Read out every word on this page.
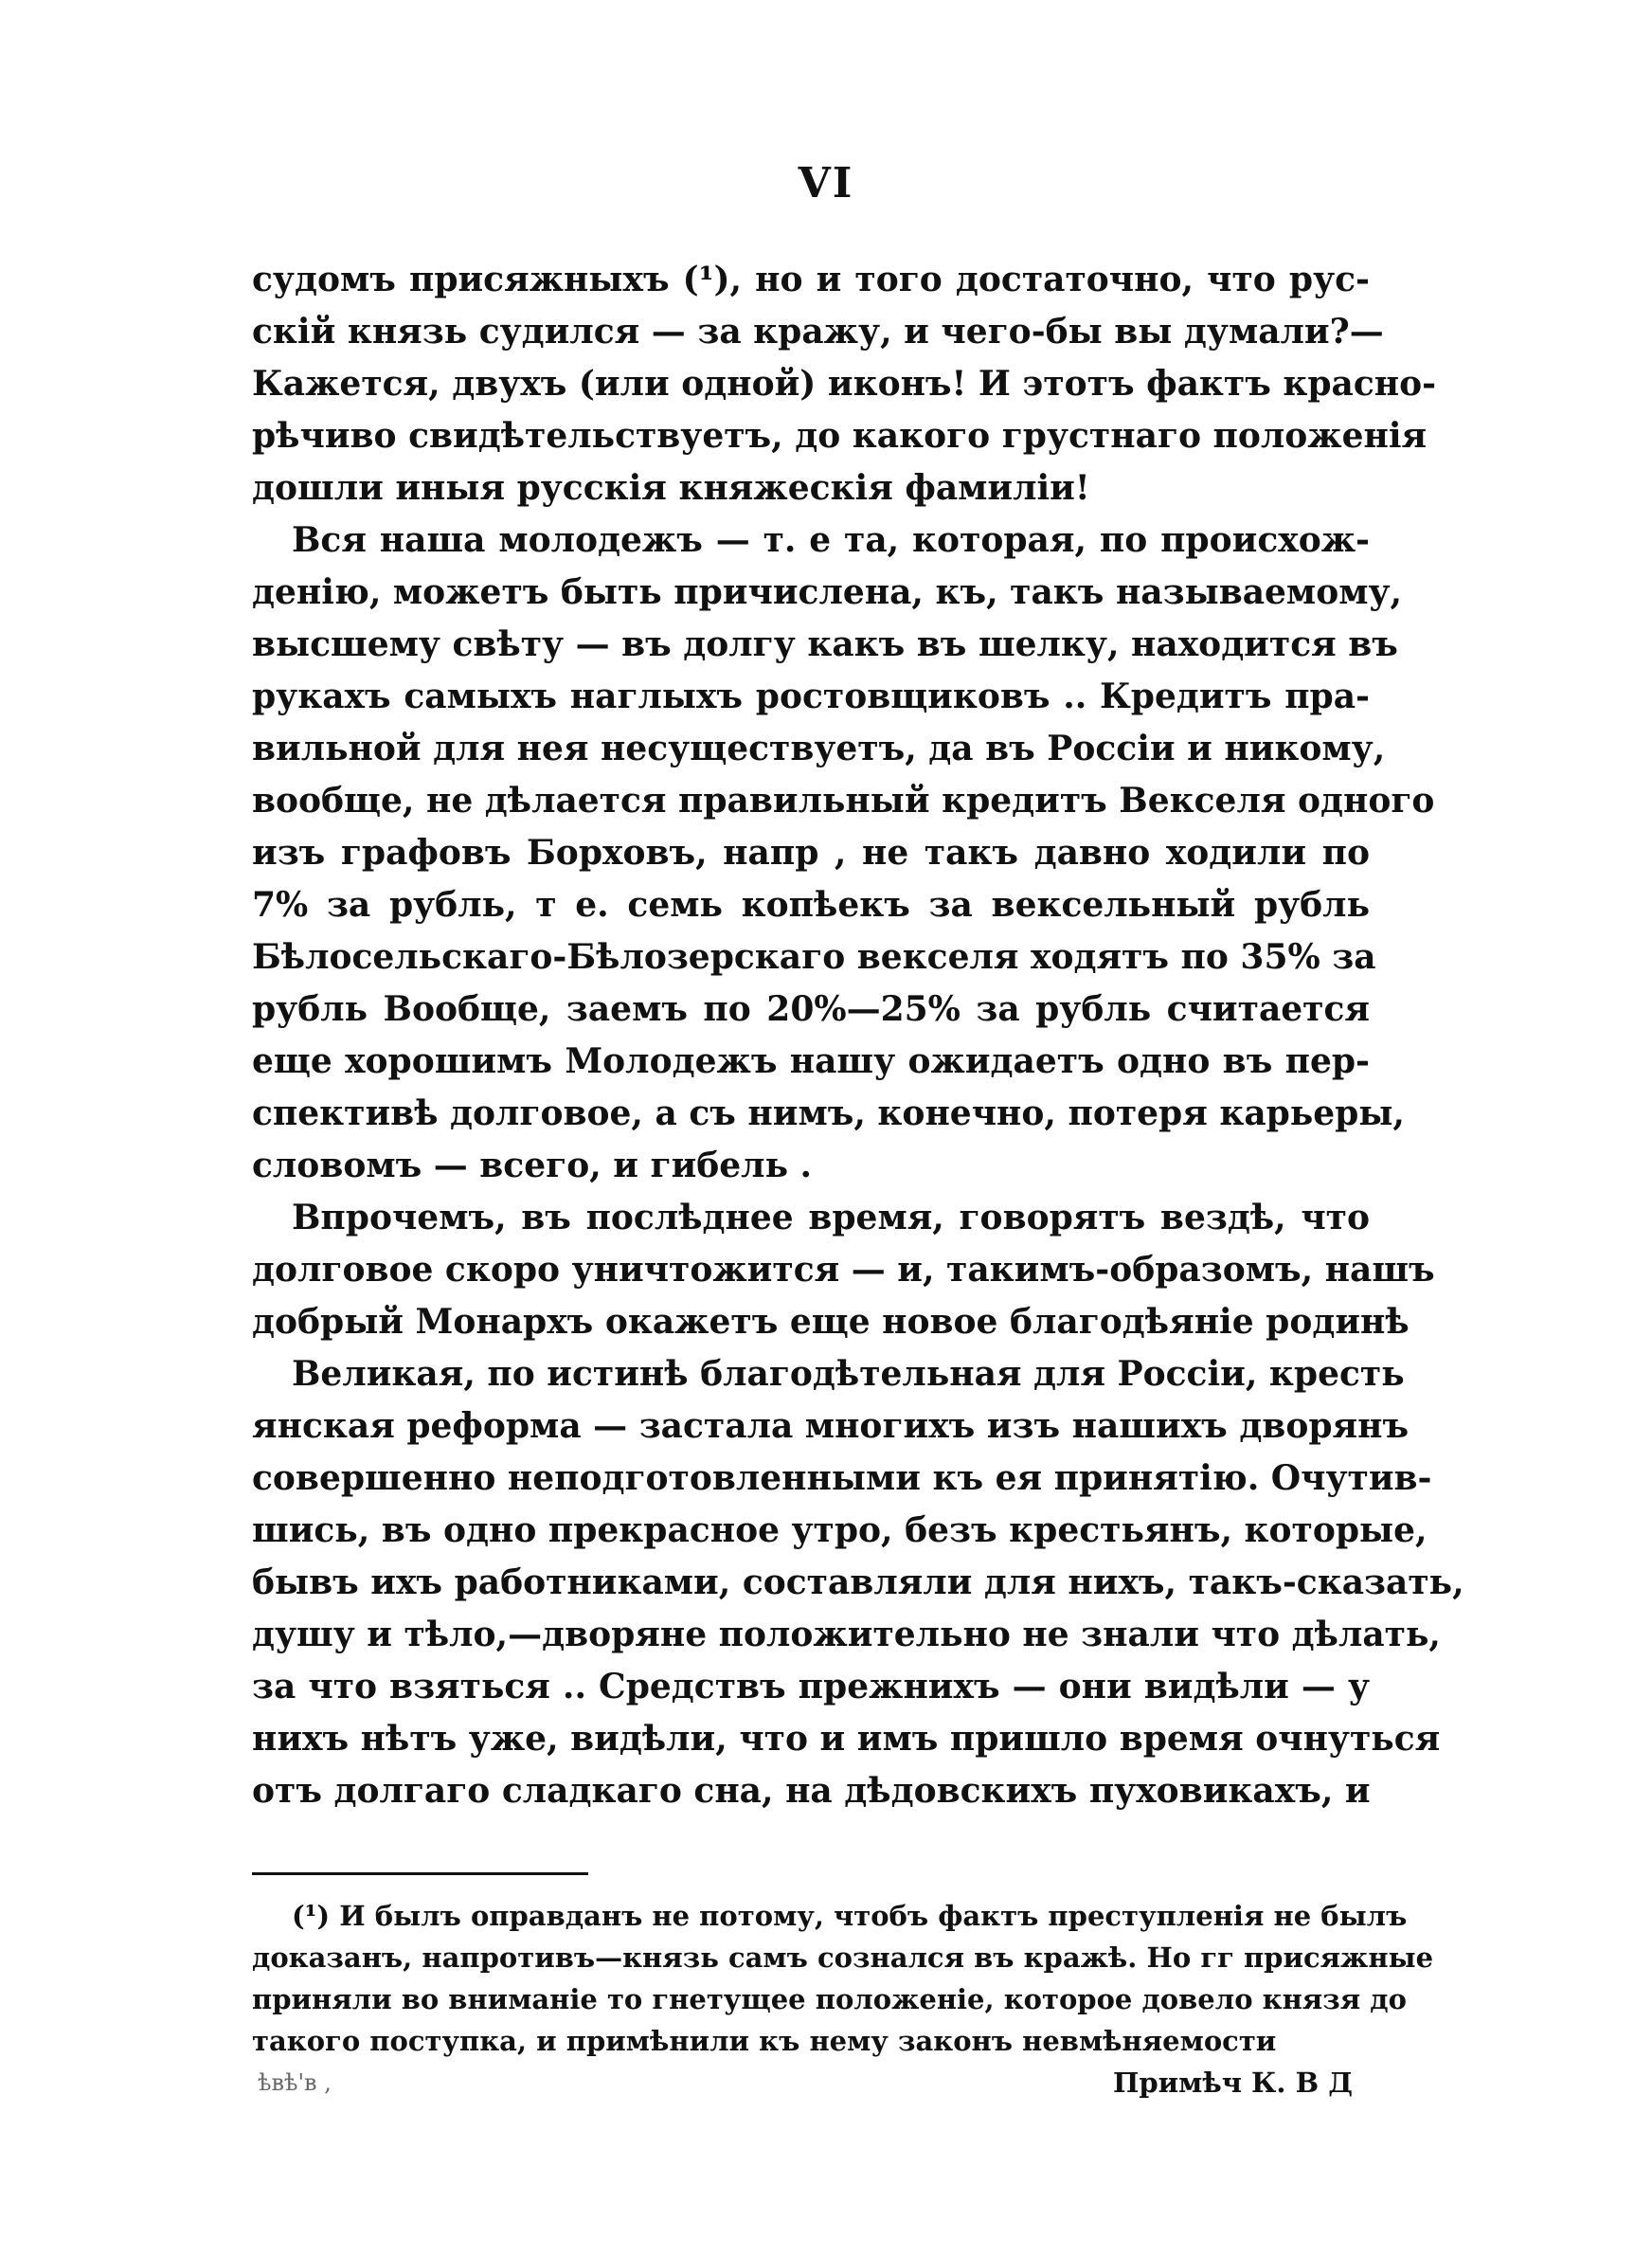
VI
судомъ присяжныхъ (¹), но и того достаточно, что рус-
скій князь судился — за кражу, и чего-бы вы думали?—
Кажется, двухъ (или одной) иконъ! И этотъ фактъ красно-
рѣчиво свидѣтельствуетъ, до какого грустнаго положенія
дошли иныя русскія княжескія фамиліи!
Вся наша молодежъ — т. е та, которая, по происхож-
денію, можетъ быть причислена, къ, такъ называемому,
высшему свѣту — въ долгу какъ въ шелку, находится въ
рукахъ самыхъ наглыхъ ростовщиковъ .. Кредитъ пра-
вильной для нея несуществуетъ, да въ Россіи и никому,
вообще, не дѣлается правильный кредитъ Векселя одного
изъ графовъ Борховъ, напр , не такъ давно ходили по
7% за рубль, т е. семь копѣекъ за вексельный рубль
Бѣлосельскаго-Бѣлозерскаго векселя ходятъ по 35% за
рубль Вообще, заемъ по 20%—25% за рубль считается
еще хорошимъ Молодежъ нашу ожидаетъ одно въ пер-
спективѣ долговое, а съ нимъ, конечно, потеря карьеры,
словомъ — всего, и гибель .
Впрочемъ, въ послѣднее время, говорятъ вездѣ, что
долговое скоро уничтожится — и, такимъ-образомъ, нашъ
добрый Монархъ окажетъ еще новое благодѣяніе родинѣ
Великая, по истинѣ благодѣтельная для Россіи, кресть
янская реформа — застала многихъ изъ нашихъ дворянъ
совершенно неподготовленными къ ея принятію. Очутив-
шись, въ одно прекрасное утро, безъ крестьянъ, которые,
бывъ ихъ работниками, составляли для нихъ, такъ-сказать,
душу и тѣло,—дворяне положительно не знали что дѣлать,
за что взяться .. Средствъ прежнихъ — они видѣли — у
нихъ нѣтъ уже, видѣли, что и имъ пришло время очнуться
отъ долгаго сладкаго сна, на дѣдовскихъ пуховикахъ, и
(¹) И былъ оправданъ не потому, чтобъ фактъ преступленія не былъ
доказанъ, напротивъ—князь самъ сознался въ кражѣ. Но гг присяжные
приняли во вниманіе то гнетущее положеніе, которое довело князя до
такого поступка, и примѣнили къ нему законъ невмѣняемости
ѣвѣ'в ,	Примѣч К. В Д
